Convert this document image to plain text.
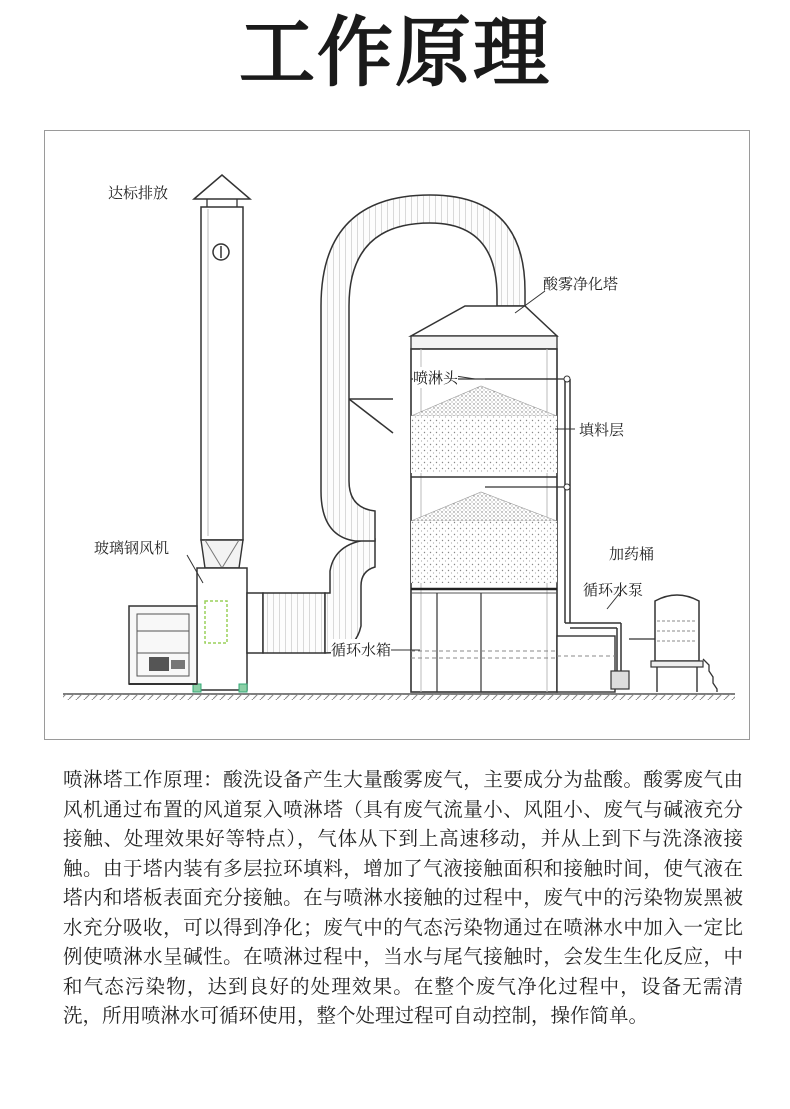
工作原理
达标排放
玻璃钢风机
酸雾净化塔
喷淋头
填料层
加药桶
循环水泵
循环水箱

喷淋塔工作原理：酸洗设备产生大量酸雾废气，主要成分为盐酸。酸雾废气由风机通过布置的风道泵入喷淋塔（具有废气流量小、风阻小、废气与碱液充分接触、处理效果好等特点），气体从下到上高速移动，并从上到下与洗涤液接触。由于塔内装有多层拉环填料，增加了气液接触面积和接触时间，使气液在塔内和塔板表面充分接触。在与喷淋水接触的过程中，废气中的污染物炭黑被水充分吸收，可以得到净化；废气中的气态污染物通过在喷淋水中加入一定比例使喷淋水呈碱性。在喷淋过程中，当水与尾气接触时，会发生生化反应，中和气态污染物，达到良好的处理效果。在整个废气净化过程中，设备无需清洗，所用喷淋水可循环使用，整个处理过程可自动控制，操作简单。
